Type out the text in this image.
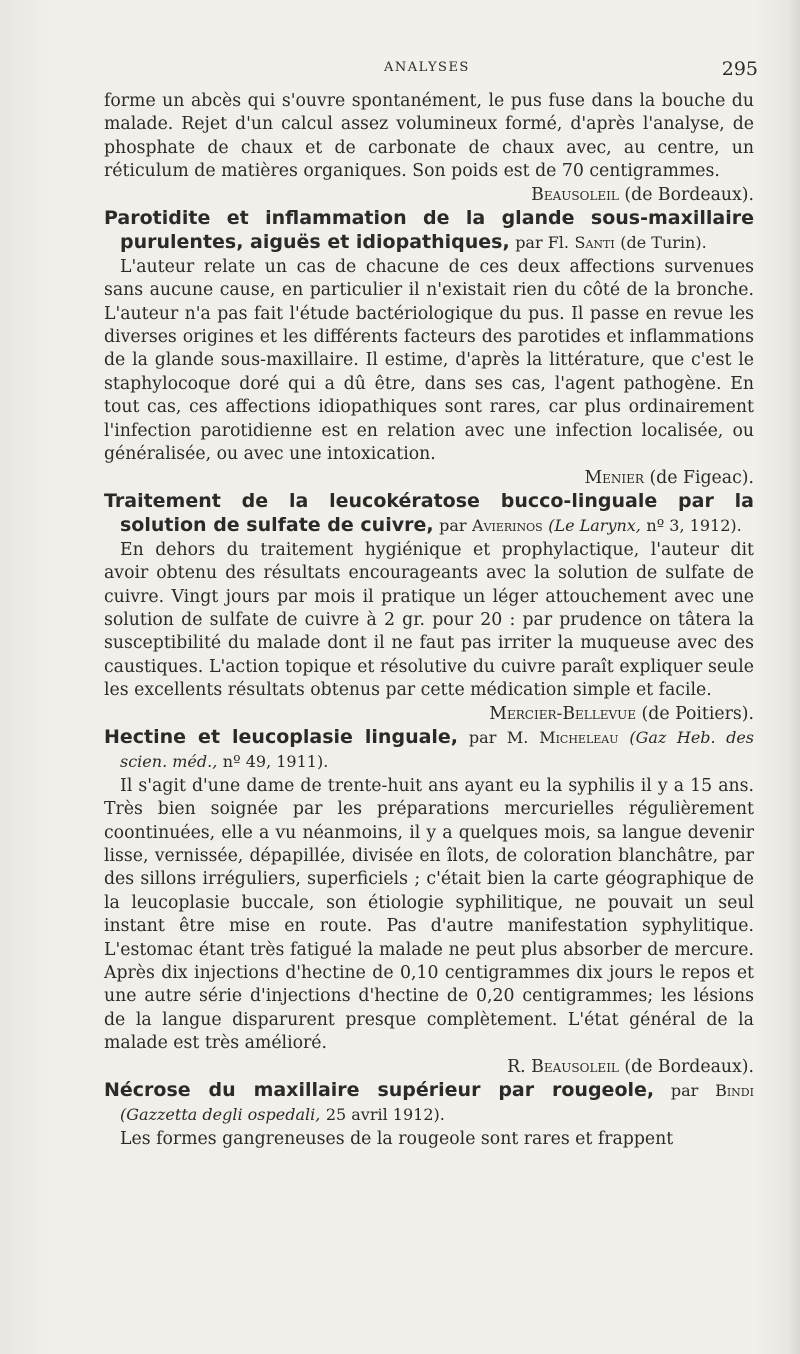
ANALYSES	295

forme un abcès qui s'ouvre spontanément, le pus fuse dans la bouche du malade. Rejet d'un calcul assez volumineux formé, d'après l'analyse, de phosphate de chaux et de carbonate de chaux avec, au centre, un réticulum de matières organiques. Son poids est de 70 centigrammes.

Beausoleil (de Bordeaux).

Parotidite et inflammation de la glande sous-maxillaire purulentes, aiguës et idiopathiques, par Fl. Santi (de Turin).

L'auteur relate un cas de chacune de ces deux affections survenues sans aucune cause, en particulier il n'existait rien du côté de la bronche. L'auteur n'a pas fait l'étude bactériologique du pus. Il passe en revue les diverses origines et les différents facteurs des parotides et inflammations de la glande sous-maxillaire. Il estime, d'après la littérature, que c'est le staphylocoque doré qui a dû être, dans ses cas, l'agent pathogène. En tout cas, ces affections idiopathiques sont rares, car plus ordinairement l'infection parotidienne est en relation avec une infection localisée, ou généralisée, ou avec une intoxication.

Menier (de Figeac).

Traitement de la leucokératose bucco-linguale par la solution de sulfate de cuivre, par Avierinos (Le Larynx, nº 3, 1912).

En dehors du traitement hygiénique et prophylactique, l'auteur dit avoir obtenu des résultats encourageants avec la solution de sulfate de cuivre. Vingt jours par mois il pratique un léger attouchement avec une solution de sulfate de cuivre à 2 gr. pour 20 : par prudence on tâtera la susceptibilité du malade dont il ne faut pas irriter la muqueuse avec des caustiques. L'action topique et résolutive du cuivre paraît expliquer seule les excellents résultats obtenus par cette médication simple et facile.

Mercier-Bellevue (de Poitiers).

Hectine et leucoplasie linguale, par M. Micheleau (Gaz Heb. des scien. méd., nº 49, 1911).

Il s'agit d'une dame de trente-huit ans ayant eu la syphilis il y a 15 ans. Très bien soignée par les préparations mercurielles régulièrement coontinuées, elle a vu néanmoins, il y a quelques mois, sa langue devenir lisse, vernissée, dépapillée, divisée en îlots, de coloration blanchâtre, par des sillons irréguliers, superficiels ; c'était bien la carte géographique de la leucoplasie buccale, son étiologie syphilitique, ne pouvait un seul instant être mise en route. Pas d'autre manifestation syphylitique. L'estomac étant très fatigué la malade ne peut plus absorber de mercure. Après dix injections d'hectine de 0,10 centigrammes dix jours le repos et une autre série d'injections d'hectine de 0,20 centigrammes; les lésions de la langue disparurent presque complètement. L'état général de la malade est très amélioré.

R. Beausoleil (de Bordeaux).

Nécrose du maxillaire supérieur par rougeole, par Bindi (Gazzetta degli ospedali, 25 avril 1912).

Les formes gangreneuses de la rougeole sont rares et frappent
